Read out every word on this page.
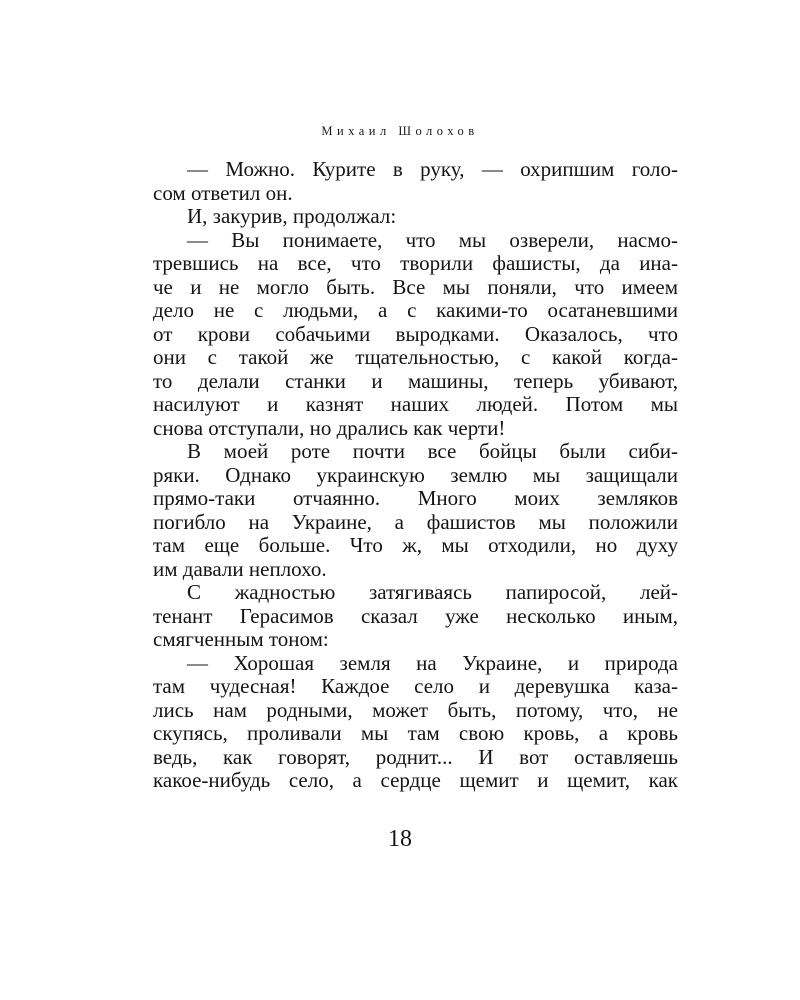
Михаил Шолохов
— Можно. Курите в руку, — охрипшим голо-
сом ответил он.
И, закурив, продолжал:
— Вы понимаете, что мы озверели, насмо-
тревшись на все, что творили фашисты, да ина-
че и не могло быть. Все мы поняли, что имеем
дело не с людьми, а с какими-то осатаневшими
от крови собачьими выродками. Оказалось, что
они с такой же тщательностью, с какой когда-
то делали станки и машины, теперь убивают,
насилуют и казнят наших людей. Потом мы
снова отступали, но дрались как черти!
В моей роте почти все бойцы были сиби-
ряки. Однако украинскую землю мы защищали
прямо-таки отчаянно. Много моих земляков
погибло на Украине, а фашистов мы положили
там еще больше. Что ж, мы отходили, но духу
им давали неплохо.
С жадностью затягиваясь папиросой, лей-
тенант Герасимов сказал уже несколько иным,
смягченным тоном:
— Хорошая земля на Украине, и природа
там чудесная! Каждое село и деревушка каза-
лись нам родными, может быть, потому, что, не
скупясь, проливали мы там свою кровь, а кровь
ведь, как говорят, роднит... И вот оставляешь
какое-нибудь село, а сердце щемит и щемит, как
18
